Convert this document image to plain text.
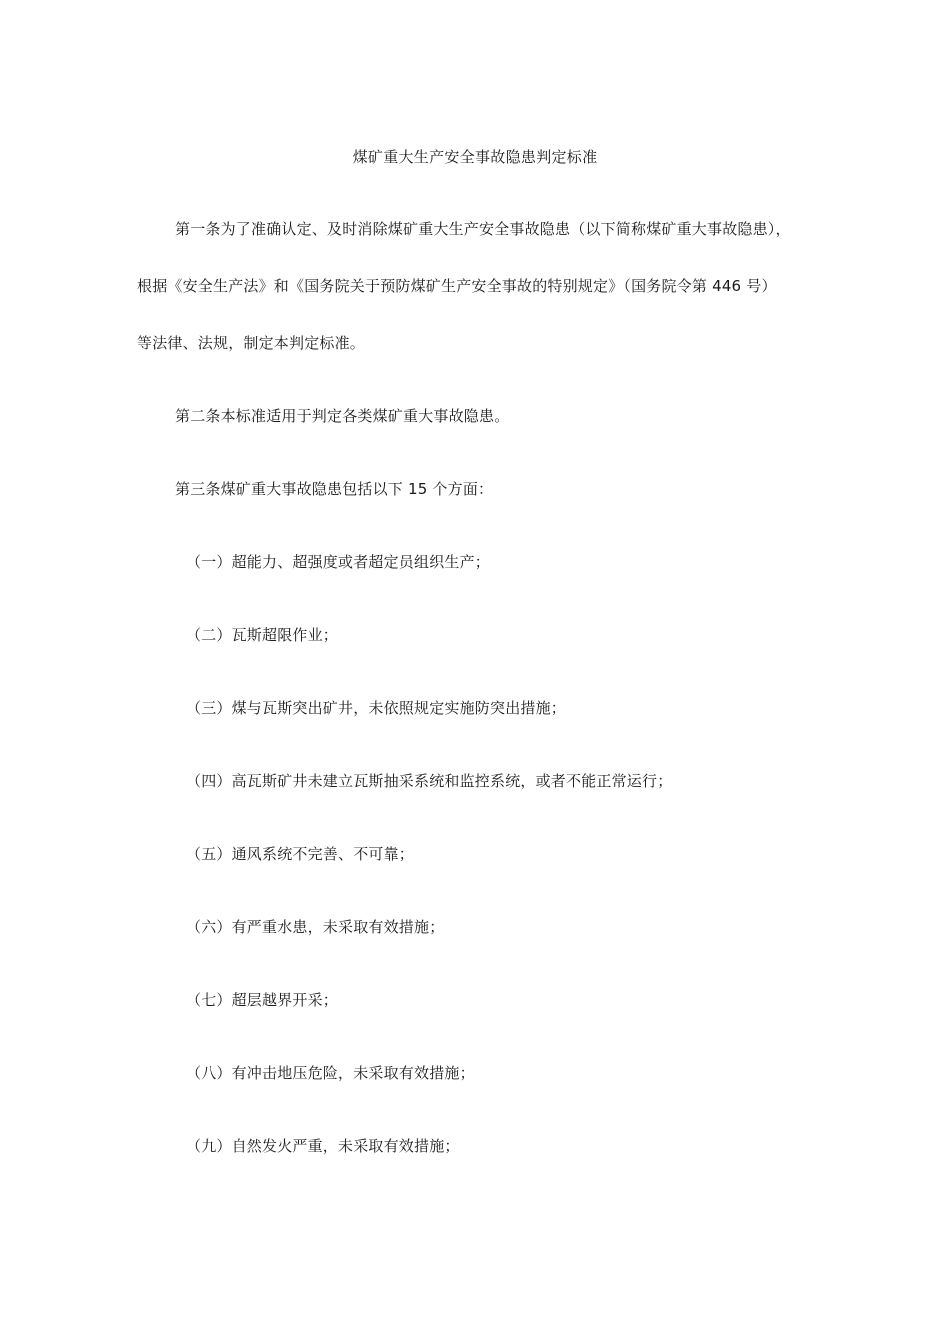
煤矿重大生产安全事故隐患判定标准
第一条为了准确认定、及时消除煤矿重大生产安全事故隐患（以下简称煤矿重大事故隐患），
根据《安全生产法》和《国务院关于预防煤矿生产安全事故的特别规定》（国务院令第 446 号）
等法律、法规，制定本判定标准。
第二条本标准适用于判定各类煤矿重大事故隐患。
第三条煤矿重大事故隐患包括以下 15 个方面：
（一）超能力、超强度或者超定员组织生产；
（二）瓦斯超限作业；
（三）煤与瓦斯突出矿井，未依照规定实施防突出措施；
（四）高瓦斯矿井未建立瓦斯抽采系统和监控系统，或者不能正常运行；
（五）通风系统不完善、不可靠；
（六）有严重水患，未采取有效措施；
（七）超层越界开采；
（八）有冲击地压危险，未采取有效措施；
（九）自然发火严重，未采取有效措施；
